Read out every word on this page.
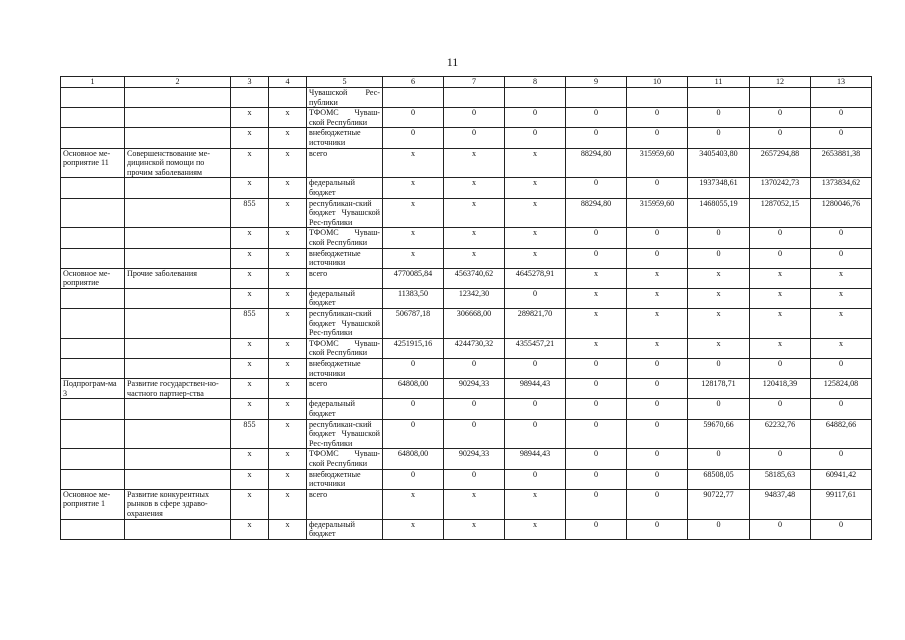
11
1	2	3	4	5	6	7	8	9	10	11	12	13
				Чувашской Рес-публики								
		х	х	ТФОМС Чуваш-ской Республики	0	0	0	0	0	0	0	0
		х	х	внебюджетные источники	0	0	0	0	0	0	0	0
Основное ме-роприятие 11	Совершенствование ме-дицинской помощи по прочим заболеваниям	х	х	всего	х	х	х	88294,80	315959,60	3405403,80	2657294,88	2653881,38
		х	х	федеральный бюджет	х	х	х	0	0	1937348,61	1370242,73	1373834,62
		855	х	республикан-ский бюджет Чувашской Рес-публики	х	х	х	88294,80	315959,60	1468055,19	1287052,15	1280046,76
		х	х	ТФОМС Чуваш-ской Республики	х	х	х	0	0	0	0	0
		х	х	внебюджетные источники	х	х	х	0	0	0	0	0
Основное ме-роприятие	Прочие заболевания	х	х	всего	4770085,84	4563740,62	4645278,91	х	х	х	х	х
		х	х	федеральный бюджет	11383,50	12342,30	0	х	х	х	х	х
		855	х	республикан-ский бюджет Чувашской Рес-публики	506787,18	306668,00	289821,70	х	х	х	х	х
		х	х	ТФОМС Чуваш-ской Республики	4251915,16	4244730,32	4355457,21	х	х	х	х	х
		х	х	внебюджетные источники	0	0	0	0	0	0	0	0
Подпрограм-ма 3	Развитие государствен-но-частного партнер-ства	х	х	всего	64808,00	90294,33	98944,43	0	0	128178,71	120418,39	125824,08
		х	х	федеральный бюджет	0	0	0	0	0	0	0	0
		855	х	республикан-ский бюджет Чувашской Рес-публики	0	0	0	0	0	59670,66	62232,76	64882,66
		х	х	ТФОМС Чуваш-ской Республики	64808,00	90294,33	98944,43	0	0	0	0	0
		х	х	внебюджетные источники	0	0	0	0	0	68508,05	58185,63	60941,42
Основное ме-роприятие 1	Развитие конкурентных рынков в сфере здраво-охранения	х	х	всего	х	х	х	0	0	90722,77	94837,48	99117,61
		х	х	федеральный бюджет	х	х	х	0	0	0	0	0
